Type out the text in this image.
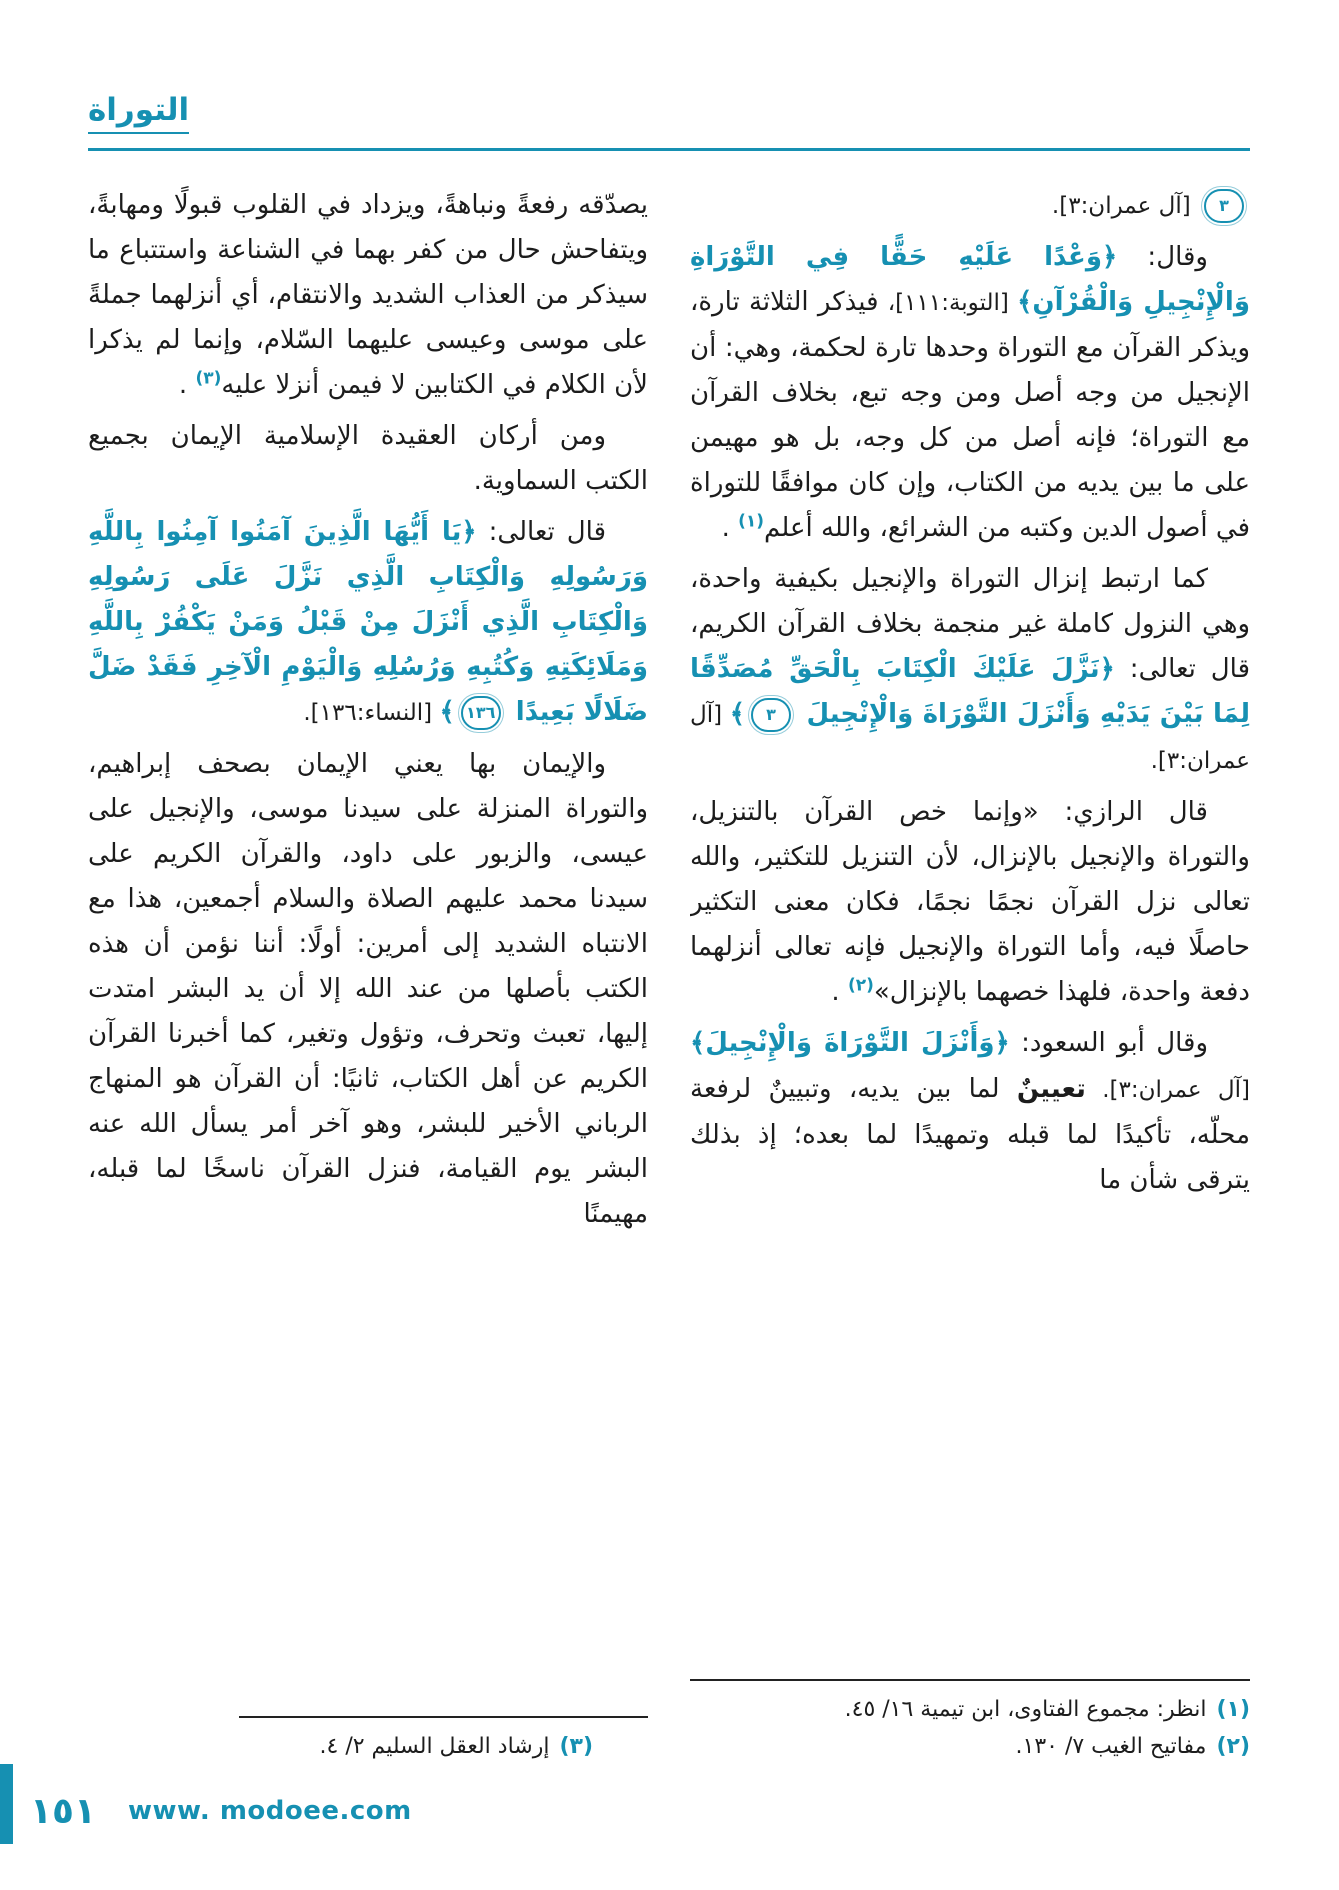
التوراة

٣ [آل عمران:٣].

وقال: ﴿وَعْدًا عَلَيْهِ حَقًّا فِي التَّوْرَاةِ وَالْإِنْجِيلِ وَالْقُرْآنِ﴾ [التوبة:١١١]، فيذكر الثلاثة تارة، ويذكر القرآن مع التوراة وحدها تارة لحكمة، وهي: أن الإنجيل من وجه أصل ومن وجه تبع، بخلاف القرآن مع التوراة؛ فإنه أصل من كل وجه، بل هو مهيمن على ما بين يديه من الكتاب، وإن كان موافقًا للتوراة في أصول الدين وكتبه من الشرائع، والله أعلم$^{(١)}$ .

كما ارتبط إنزال التوراة والإنجيل بكيفية واحدة، وهي النزول كاملة غير منجمة بخلاف القرآن الكريم، قال تعالى: ﴿نَزَّلَ عَلَيْكَ الْكِتَابَ بِالْحَقِّ مُصَدِّقًا لِمَا بَيْنَ يَدَيْهِ وَأَنْزَلَ التَّوْرَاةَ وَالْإِنْجِيلَ ٣﴾ [آل عمران:٣].

قال الرازي: «وإنما خص القرآن بالتنزيل، والتوراة والإنجيل بالإنزال، لأن التنزيل للتكثير، والله تعالى نزل القرآن نجمًا نجمًا، فكان معنى التكثير حاصلًا فيه، وأما التوراة والإنجيل فإنه تعالى أنزلهما دفعة واحدة، فلهذا خصهما بالإنزال»$^{(٢)}$ .

وقال أبو السعود: ﴿وَأَنْزَلَ التَّوْرَاةَ وَالْإِنْجِيلَ﴾ [آل عمران:٣]. تعيينٌ لما بين يديه، وتبيينٌ لرفعة محلّه، تأكيدًا لما قبله وتمهيدًا لما بعده؛ إذ بذلك يترقى شأن ما

(١)انظر: مجموع الفتاوى، ابن تيمية ١٦/ ٤٥.

(٢)مفاتيح الغيب ٧/ ١٣٠.

يصدّقه رفعةً ونباهةً، ويزداد في القلوب قبولًا ومهابةً، ويتفاحش حال من كفر بهما في الشناعة واستتباع ما سيذكر من العذاب الشديد والانتقام، أي أنزلهما جملةً على موسى وعيسى عليهما السّلام، وإنما لم يذكرا لأن الكلام في الكتابين لا فيمن أنزلا عليه$^{(٣)}$ .

ومن أركان العقيدة الإسلامية الإيمان بجميع الكتب السماوية.

قال تعالى: ﴿يَا أَيُّهَا الَّذِينَ آمَنُوا آمِنُوا بِاللَّهِ وَرَسُولِهِ وَالْكِتَابِ الَّذِي نَزَّلَ عَلَى رَسُولِهِ وَالْكِتَابِ الَّذِي أَنْزَلَ مِنْ قَبْلُ وَمَنْ يَكْفُرْ بِاللَّهِ وَمَلَائِكَتِهِ وَكُتُبِهِ وَرُسُلِهِ وَالْيَوْمِ الْآخِرِ فَقَدْ ضَلَّ ضَلَالًا بَعِيدًا ١٣٦﴾ [النساء:١٣٦].

والإيمان بها يعني الإيمان بصحف إبراهيم، والتوراة المنزلة على سيدنا موسى، والإنجيل على عيسى، والزبور على داود، والقرآن الكريم على سيدنا محمد عليهم الصلاة والسلام أجمعين، هذا مع الانتباه الشديد إلى أمرين: أولًا: أننا نؤمن أن هذه الكتب بأصلها من عند الله إلا أن يد البشر امتدت إليها، تعبث وتحرف، وتؤول وتغير، كما أخبرنا القرآن الكريم عن أهل الكتاب، ثانيًا: أن القرآن هو المنهاج الرباني الأخير للبشر، وهو آخر أمر يسأل الله عنه البشر يوم القيامة، فنزل القرآن ناسخًا لما قبله، مهيمنًا

(٣)إرشاد العقل السليم ٢/ ٤.

١٥١ www. modoee.com
